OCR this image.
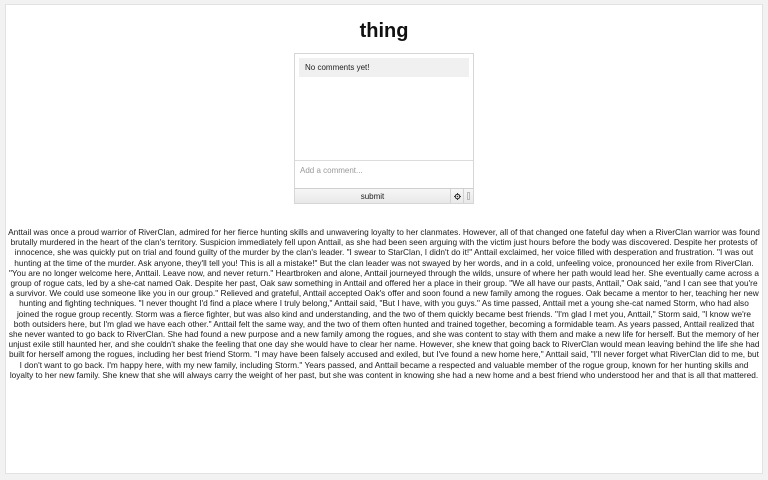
thing
No comments yet!
Add a comment...
submit

Anttail was once a proud warrior of RiverClan, admired for her fierce hunting skills and unwavering loyalty to her clanmates. However, all of that changed one fateful day when a RiverClan warrior was found brutally murdered in the heart of the clan's territory. Suspicion immediately fell upon Anttail, as she had been seen arguing with the victim just hours before the body was discovered. Despite her protests of innocence, she was quickly put on trial and found guilty of the murder by the clan's leader. "I swear to StarClan, I didn't do it!" Anttail exclaimed, her voice filled with desperation and frustration. "I was out hunting at the time of the murder. Ask anyone, they'll tell you! This is all a mistake!" But the clan leader was not swayed by her words, and in a cold, unfeeling voice, pronounced her exile from RiverClan. "You are no longer welcome here, Anttail. Leave now, and never return." Heartbroken and alone, Anttail journeyed through the wilds, unsure of where her path would lead her. She eventually came across a group of rogue cats, led by a she-cat named Oak. Despite her past, Oak saw something in Anttail and offered her a place in their group. "We all have our pasts, Anttail," Oak said, "and I can see that you're a survivor. We could use someone like you in our group." Relieved and grateful, Anttail accepted Oak's offer and soon found a new family among the rogues. Oak became a mentor to her, teaching her new hunting and fighting techniques. "I never thought I'd find a place where I truly belong," Anttail said, "But I have, with you guys." As time passed, Anttail met a young she-cat named Storm, who had also joined the rogue group recently. Storm was a fierce fighter, but was also kind and understanding, and the two of them quickly became best friends. "I'm glad I met you, Anttail," Storm said, "I know we're both outsiders here, but I'm glad we have each other." Anttail felt the same way, and the two of them often hunted and trained together, becoming a formidable team. As years passed, Anttail realized that she never wanted to go back to RiverClan. She had found a new purpose and a new family among the rogues, and she was content to stay with them and make a new life for herself. But the memory of her unjust exile still haunted her, and she couldn't shake the feeling that one day she would have to clear her name. However, she knew that going back to RiverClan would mean leaving behind the life she had built for herself among the rogues, including her best friend Storm. "I may have been falsely accused and exiled, but I've found a new home here," Anttail said, "I'll never forget what RiverClan did to me, but I don't want to go back. I'm happy here, with my new family, including Storm." Years passed, and Anttail became a respected and valuable member of the rogue group, known for her hunting skills and loyalty to her new family. She knew that she will always carry the weight of her past, but she was content in knowing she had a new home and a best friend who understood her and that is all that mattered.
